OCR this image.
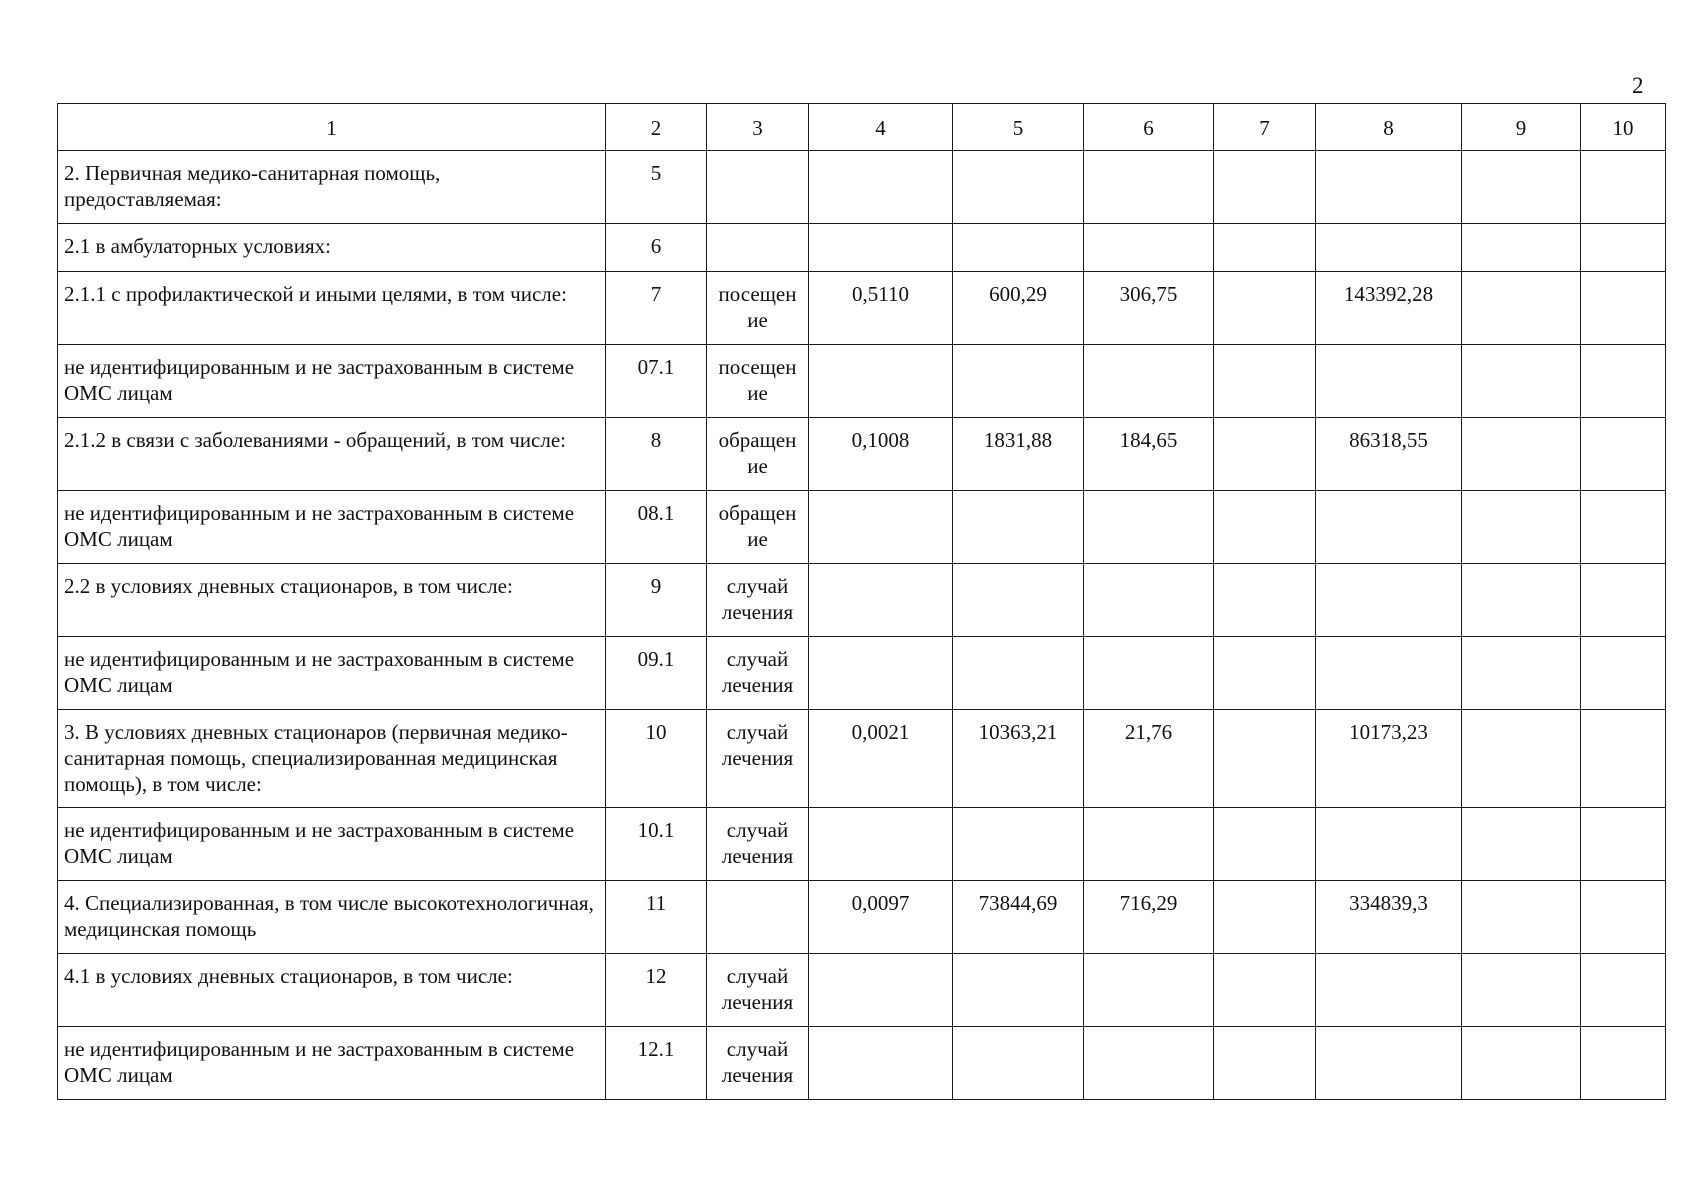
2
1	2	3	4	5	6	7	8	9	10
2. Первичная медико-санитарная помощь, предоставляемая:	5								
2.1 в амбулаторных условиях:	6								
2.1.1 с профилактической и иными целями, в том числе:	7	посещен ие	0,5110	600,29	306,75		143392,28		
не идентифицированным и не застрахованным в системе ОМС лицам	07.1	посещен ие							
2.1.2 в связи с заболеваниями - обращений, в том числе:	8	обращен ие	0,1008	1831,88	184,65		86318,55		
не идентифицированным и не застрахованным в системе ОМС лицам	08.1	обращен ие							
2.2 в условиях дневных стационаров, в том числе:	9	случай лечения							
не идентифицированным и не застрахованным в системе ОМС лицам	09.1	случай лечения							
3. В условиях дневных стационаров (первичная медико-санитарная помощь, специализированная медицинская помощь), в том числе:	10	случай лечения	0,0021	10363,21	21,76		10173,23		
не идентифицированным и не застрахованным в системе ОМС лицам	10.1	случай лечения							
4. Специализированная, в том числе высокотехнологичная, медицинская помощь	11		0,0097	73844,69	716,29		334839,3		
4.1 в условиях дневных стационаров, в том числе:	12	случай лечения							
не идентифицированным и не застрахованным в системе ОМС лицам	12.1	случай лечения							
